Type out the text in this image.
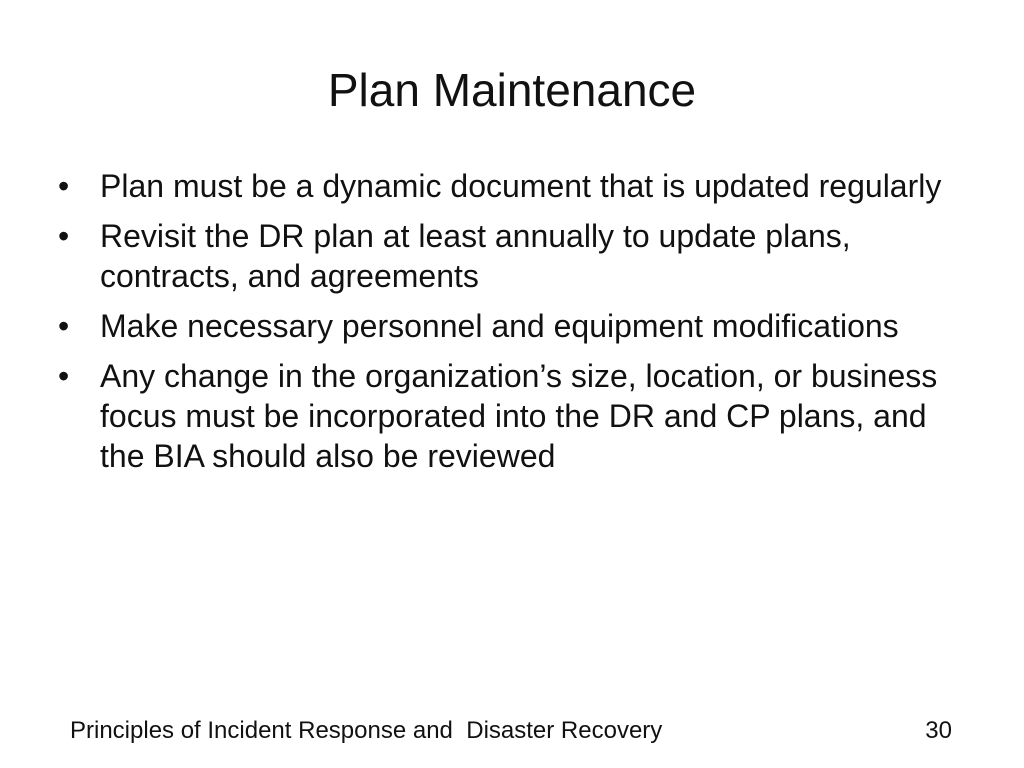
Plan Maintenance
• Plan must be a dynamic document that is updated regularly
• Revisit the DR plan at least annually to update plans, contracts, and agreements
• Make necessary personnel and equipment modifications
• Any change in the organization’s size, location, or business focus must be incorporated into the DR and CP plans, and the BIA should also be reviewed
Principles of Incident Response and  Disaster Recovery	30
